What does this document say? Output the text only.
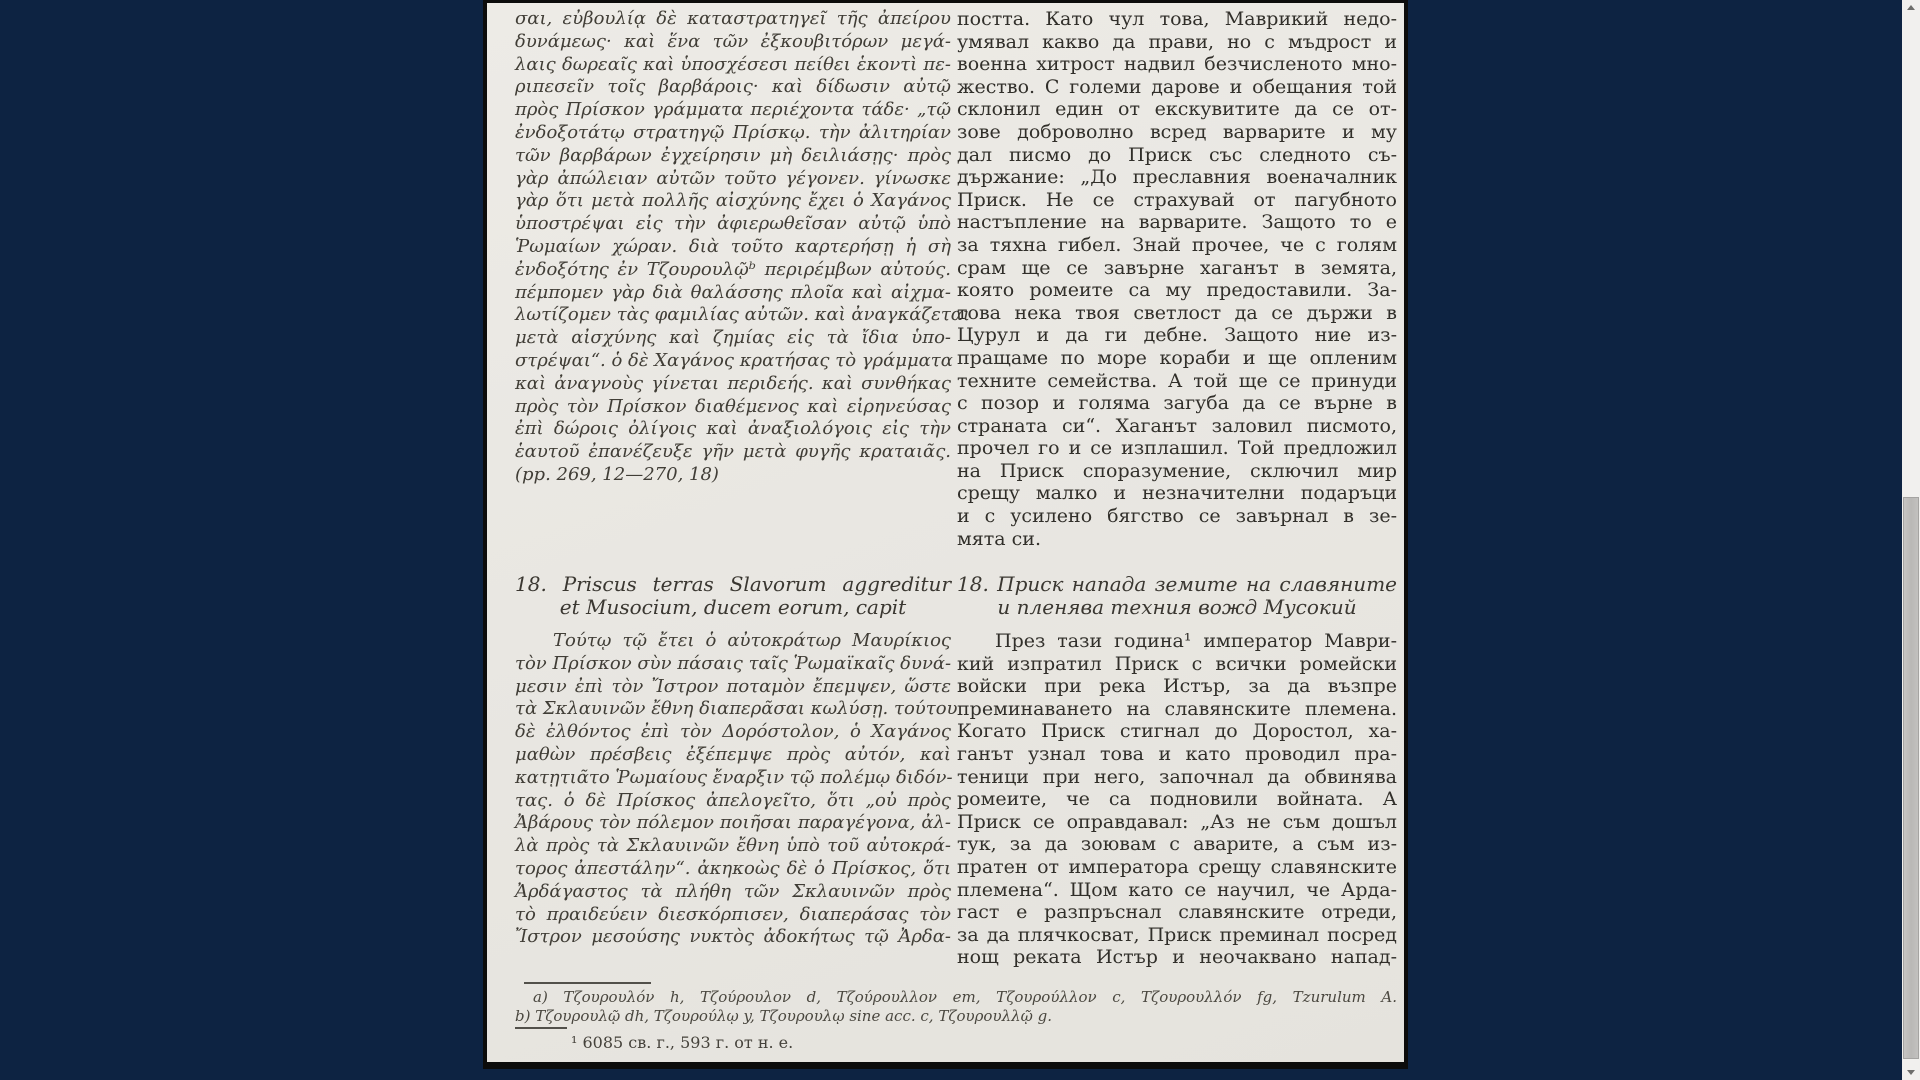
σαι, εὐβουλίᾳ δὲ καταστρατηγεῖ τῆς ἀπείρου
δυνάμεως· καὶ ἕνα τῶν ἐξκουβιτόρων μεγά-
λαις δωρεαῖς καὶ ὑποσχέσεσι πείθει ἑκοντὶ πε-
ριπεσεῖν τοῖς βαρβάροις· καὶ δίδωσιν αὐτῷ
πρὸς Πρίσκον γράμματα περιέχοντα τάδε· „τῷ
ἐνδοξοτάτῳ στρατηγῷ Πρίσκῳ. τὴν ἀλιτηρίαν
τῶν βαρβάρων ἐγχείρησιν μὴ δειλιάσῃς· πρὸς
γὰρ ἀπώλειαν αὐτῶν τοῦτο γέγονεν. γίνωσκε
γὰρ ὅτι μετὰ πολλῆς αἰσχύνης ἔχει ὁ Χαγάνος
ὑποστρέψαι εἰς τὴν ἀφιερωθεῖσαν αὐτῷ ὑπὸ
Ῥωμαίων χώραν. διὰ τοῦτο καρτερήσῃ ἡ σὴ
ἐνδοξότης ἐν Τζουρουλῷᵇ περιρέμβων αὐτούς.
πέμπομεν γὰρ διὰ θαλάσσης πλοῖα καὶ αἰχμα-
λωτίζομεν τὰς φαμιλίας αὐτῶν. καὶ ἀναγκάζεται
μετὰ αἰσχύνης καὶ ζημίας εἰς τὰ ἴδια ὑπο-
στρέψαι“. ὁ δὲ Χαγάνος κρατήσας τὸ γράμματα
καὶ ἀναγνοὺς γίνεται περιδεής. καὶ συνθήκας
πρὸς τὸν Πρίσκον διαθέμενος καὶ εἰρηνεύσας
ἐπὶ δώροις ὀλίγοις καὶ ἀναξιολόγοις εἰς τὴν
ἑαυτοῦ ἐπανέζευξε γῆν μετὰ φυγῆς κραταιᾶς.
(pp. 269, 12—270, 18)
18. Priscus terras Slavorum aggreditur
et Musocium, ducem eorum, capit
Τούτῳ τῷ ἔτει ὁ αὐτοκράτωρ Μαυρίκιος
τὸν Πρίσκον σὺν πάσαις ταῖς Ῥωμαϊκαῖς δυνά-
μεσιν ἐπὶ τὸν Ἴστρον ποταμὸν ἔπεμψεν, ὥστε
τὰ Σκλαυινῶν ἔθνη διαπερᾶσαι κωλύσῃ. τούτου
δὲ ἐλθόντος ἐπὶ τὸν Δορόστολον, ὁ Χαγάνος
μαθὼν πρέσβεις ἐξέπεμψε πρὸς αὐτόν, καὶ
κατῃτιᾶτο Ῥωμαίους ἔναρξιν τῷ πολέμῳ διδόν-
τας. ὁ δὲ Πρίσκος ἀπελογεῖτο, ὅτι „οὐ πρὸς
Ἀβάρους τὸν πόλεμον ποιῆσαι παραγέγονα, ἀλ-
λὰ πρὸς τὰ Σκλαυινῶν ἔθνη ὑπὸ τοῦ αὐτοκρά-
τορος ἀπεστάλην“. ἀκηκοὼς δὲ ὁ Πρίσκος, ὅτι
Ἀρδάγαστος τὰ πλήθη τῶν Σκλαυινῶν πρὸς
τὸ πραιδεύειν διεσκόρπισεν, διαπεράσας τὸν
Ἴστρον μεσούσης νυκτὸς ἀδοκήτως τῷ Ἀρδα-
постта. Като чул това, Маврикий недо-
умявал какво да прави, но с мъдрост и
военна хитрост надвил безчисленото мно-
жество. С големи дарове и обещания той
склонил един от екскувитите да се от-
зове доброволно всред варварите и му
дал писмо до Приск със следното съ-
държание: „До преславния военачалник
Приск. Не се страхувай от пагубното
настъпление на варварите. Защото то е
за тяхна гибел. Знай прочее, че с голям
срам ще се завърне хаганът в земята,
която ромеите са му предоставили. За-
това нека твоя светлост да се държи в
Цурул и да ги дебне. Защото ние из-
пращаме по море кораби и ще опленим
техните семейства. А той ще се принуди
с позор и голяма загуба да се върне в
страната си“. Хаганът заловил писмото,
прочел го и се изплашил. Той предложил
на Приск споразумение, сключил мир
срещу малко и незначителни подаръци
и с усилено бягство се завърнал в зе-
мята си.
18. Приск напада земите на славяните
и пленява техния вожд Мусокий
През тази година¹ император Маври-
кий изпратил Приск с всички ромейски
войски при река Истър, за да възпре
преминаването на славянските племена.
Когато Приск стигнал до Доростол, ха-
ганът узнал това и като проводил пра-
теници при него, започнал да обвинява
ромеите, че са подновили войната. А
Приск се оправдавал: „Аз не съм дошъл
тук, за да зоювам с аварите, а съм из-
пратен от императора срещу славянските
племена“. Щом като се научил, че Арда-
гаст е разпръснал славянските отреди,
за да плячкосват, Приск преминал посред
нощ реката Истър и неочаквано напад-
a) Τζουρουλόν h, Τζούρουλον d, Τζούρουλλον em, Τζουρούλλον c, Τζουρουλλόν fg, Tzurulum A.
b) Τζουρουλῷ dh, Τζουρούλῳ y, Τζουρουλῳ sine acc. c, Τζουρουλλῷ g.
¹ 6085 св. г., 593 г. от н. е.
